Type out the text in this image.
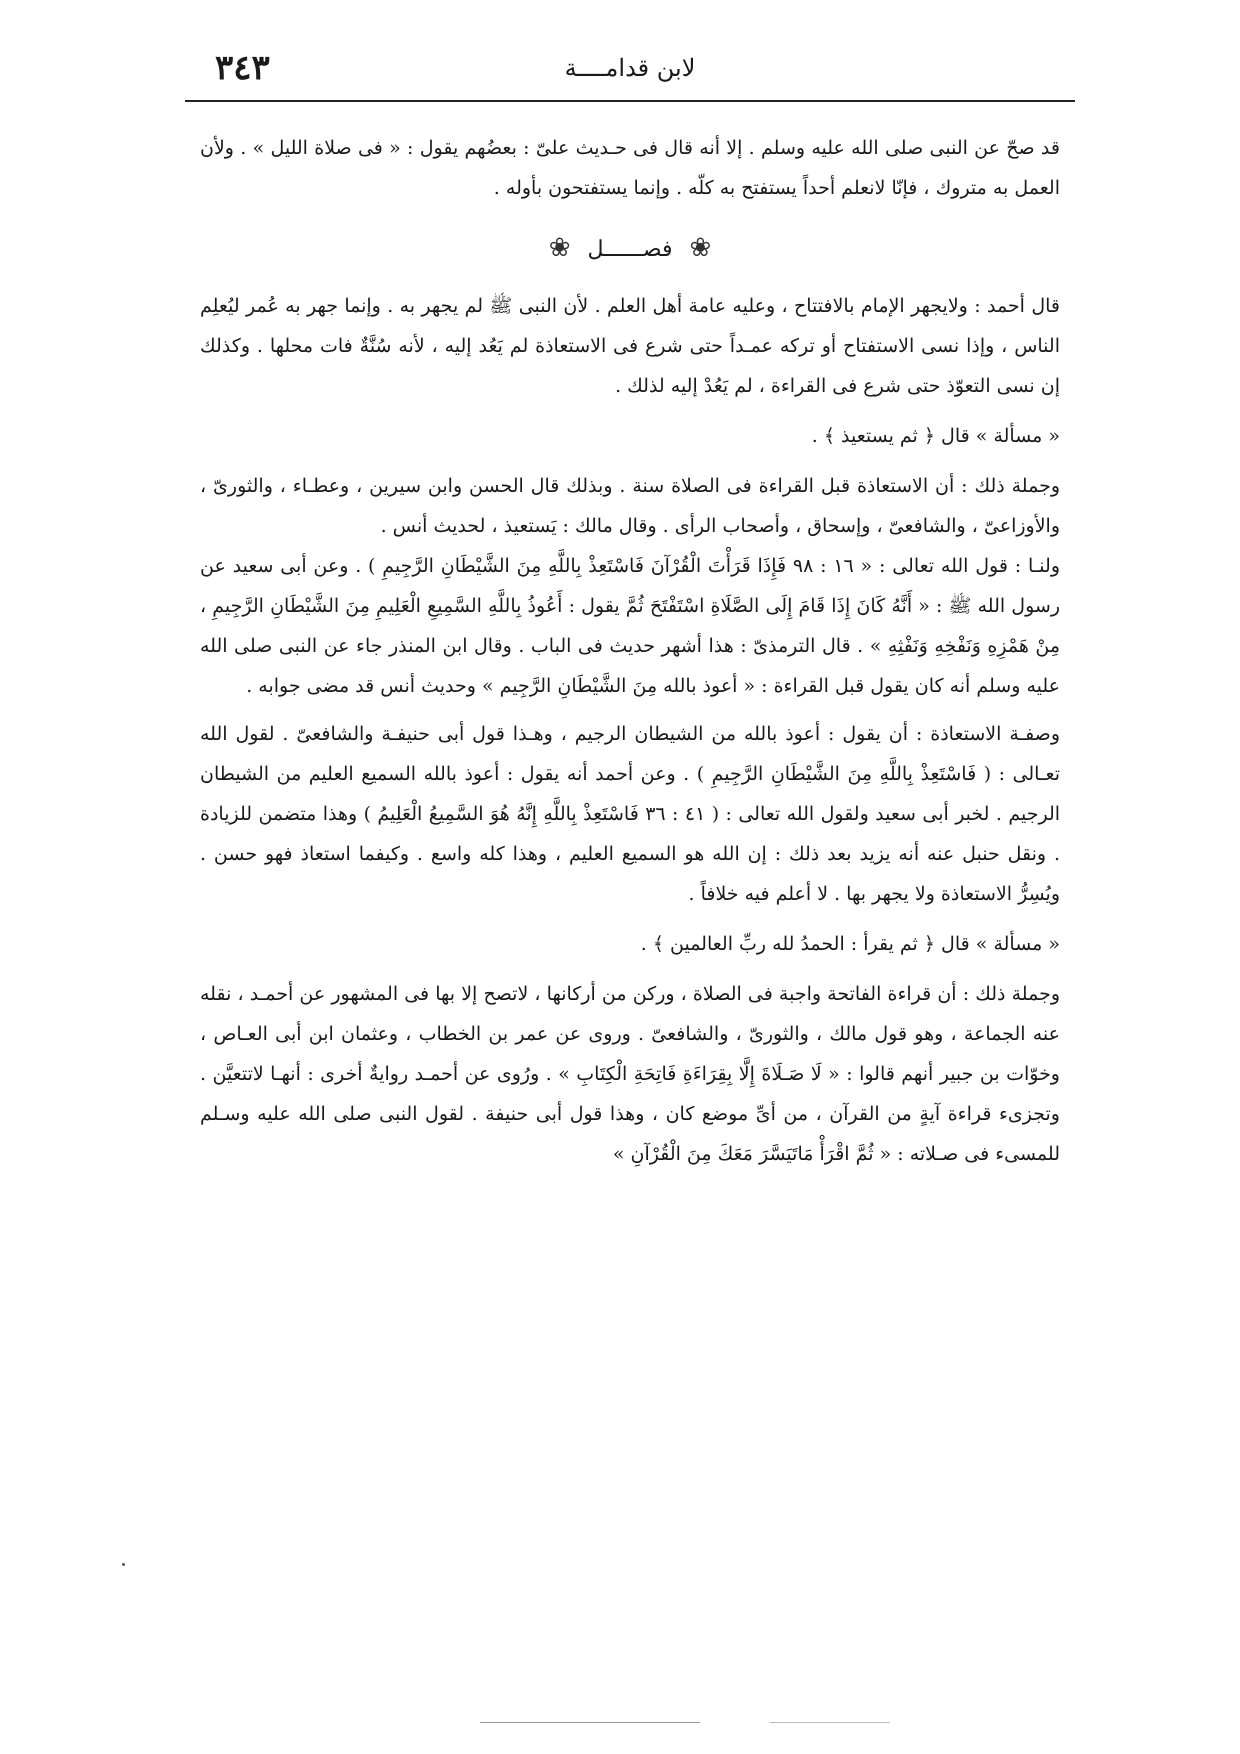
٣٤٣	لابن قدامــــة

قد صحّ عن النبى صلى الله عليه وسلم . إلا أنه قال فى حـديث علىّ : بعضُهم يقول : « فى صلاة الليل » . ولأن العمل به متروك ، فإنّا لانعلم أحداً يستفتح به كلّه . وإنما يستفتحون بأوله .

❀ فصــــــل ❀

قال أحمد : ولايجهر الإمام بالافتتاح ، وعليه عامة أهل العلم . لأن النبى ﷺ لم يجهر به . وإنما جهر به عُمر ليُعلِم الناس ، وإذا نسى الاستفتاح أو تركه عمـداً حتى شرع فى الاستعاذة لم يَعُد إليه ، لأنه سُنَّةٌ فات محلها . وكذلك إن نسى التعوّذ حتى شرع فى القراءة ، لم يَعُدْ إليه لذلك .

« مسألة » قال ﴿ ثم يستعيذ ﴾ .

وجملة ذلك : أن الاستعاذة قبل القراءة فى الصلاة سنة . وبذلك قال الحسن وابن سيرين ، وعطـاء ، والثورىّ ، والأوزاعىّ ، والشافعىّ ، وإسحاق ، وأصحاب الرأى . وقال مالك : يَستعيذ ، لحديث أنس .

ولنـا : قول الله تعالى : « ١٦ : ٩٨ فَإِذَا قَرَأْتَ الْقُرْآنَ فَاسْتَعِذْ بِاللَّهِ مِنَ الشَّيْطَانِ الرَّجِيمِ ) . وعن أبى سعيد عن رسول الله ﷺ : « أَنَّهُ كَانَ إِذَا قَامَ إِلَى الصَّلَاةِ اسْتَفْتَحَ ثُمَّ يقول : أَعُوذُ بِاللَّهِ السَّمِيعِ الْعَلِيمِ مِنَ الشَّيْطَانِ الرَّجِيمِ ، مِنْ هَمْزِهِ وَنَفْخِهِ وَنَفْثِهِ » . قال الترمذىّ : هذا أشهر حديث فى الباب . وقال ابن المنذر جاء عن النبى صلى الله عليه وسلم أنه كان يقول قبل القراءة : « أعوذ بالله مِنَ الشَّيْطَانِ الرَّجِيم » وحديث أنس قد مضى جوابه .

وصفـة الاستعاذة : أن يقول : أعوذ بالله من الشيطان الرجيم ، وهـذا قول أبى حنيفـة والشافعىّ . لقول الله تعـالى : ( فَاسْتَعِذْ بِاللَّهِ مِنَ الشَّيْطَانِ الرَّجِيمِ ) . وعن أحمد أنه يقول : أعوذ بالله السميع العليم من الشيطان الرجيم . لخبر أبى سعيد ولقول الله تعالى : ( ٤١ : ٣٦ فَاسْتَعِذْ بِاللَّهِ إِنَّهُ هُوَ السَّمِيعُ الْعَلِيمُ ) وهذا متضمن للزيادة . ونقل حنبل عنه أنه يزيد بعد ذلك : إن الله هو السميع العليم ، وهذا كله واسع . وكيفما استعاذ فهو حسن . ويُسِرُّ الاستعاذة ولا يجهر بها . لا أعلم فيه خلافاً .

« مسألة » قال ﴿ ثم يقرأ : الحمدُ لله ربِّ العالمين ﴾ .

وجملة ذلك : أن قراءة الفاتحة واجبة فى الصلاة ، وركن من أركانها ، لاتصح إلا بها فى المشهور عن أحمـد ، نقله عنه الجماعة ، وهو قول مالك ، والثورىّ ، والشافعىّ . وروى عن عمر بن الخطاب ، وعثمان ابن أبى العـاص ، وخوّات بن جبير أنهم قالوا : « لَا صَـلَاةَ إِلَّا بِقِرَاءَةِ فَاتِحَةِ الْكِتَابِ » . ورُوى عن أحمـد روايةٌ أخرى : أنهـا لاتتعيَّن . وتجزىء قراءة آيةٍ من القرآن ، من أىِّ موضع كان ، وهذا قول أبى حنيفة . لقول النبى صلى الله عليه وسـلم للمسىء فى صـلاته : « ثُمَّ اقْرَأْ مَاتَيَسَّرَ مَعَكَ مِنَ الْقُرْآنِ »
